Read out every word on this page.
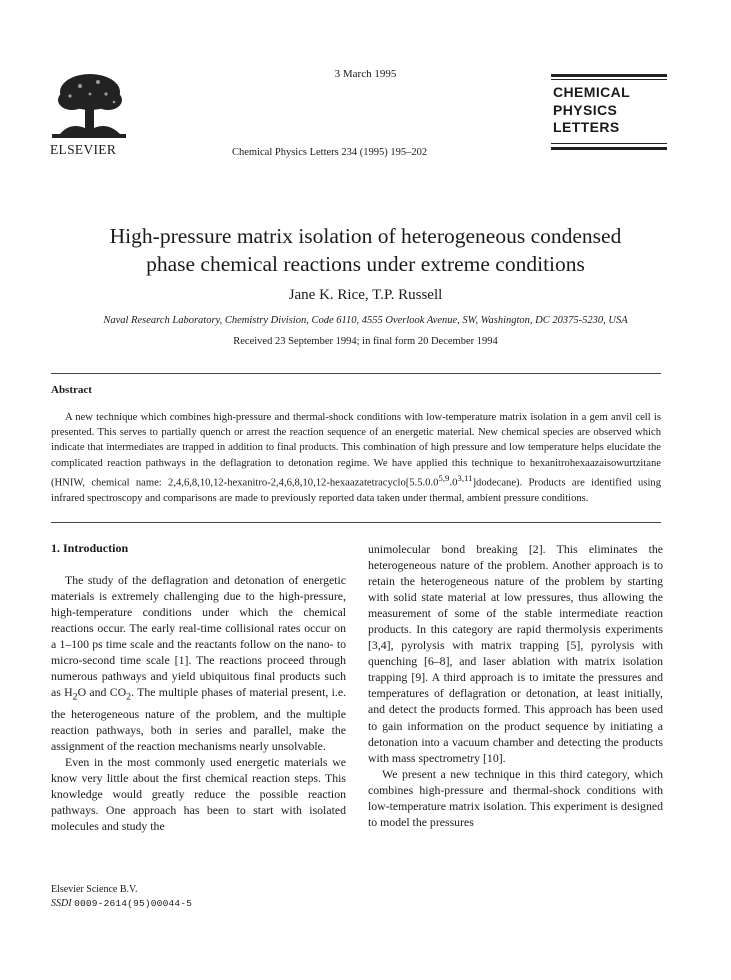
ELSEVIER
3 March 1995
Chemical Physics Letters 234 (1995) 195–202
CHEMICAL
PHYSICS
LETTERS
High-pressure matrix isolation of heterogeneous condensed
phase chemical reactions under extreme conditions
Jane K. Rice, T.P. Russell
Naval Research Laboratory, Chemistry Division, Code 6110, 4555 Overlook Avenue, SW, Washington, DC 20375-5230, USA
Received 23 September 1994; in final form 20 December 1994
Abstract
A new technique which combines high-pressure and thermal-shock conditions with low-temperature matrix isolation in a gem anvil cell is presented. This serves to partially quench or arrest the reaction sequence of an energetic material. New chemical species are observed which indicate that intermediates are trapped in addition to final products. This combination of high pressure and low temperature helps elucidate the complicated reaction pathways in the deflagration to detonation regime. We have applied this technique to hexanitrohexaazaisowurtzitane (HNIW, chemical name: 2,4,6,8,10,12-hexanitro-2,4,6,8,10,12-hexaazatetracyclo[5.5.0.0$^{5,9}$.0$^{3,11}$]dodecane). Products are identified using infrared spectroscopy and comparisons are made to previously reported data taken under thermal, ambient pressure conditions.
1. Introduction

The study of the deflagration and detonation of energetic materials is extremely challenging due to the high-pressure, high-temperature conditions under which the chemical reactions occur. The early real-time collisional rates occur on a 1–100 ps time scale and the reactants follow on the nano- to micro-second time scale [1]. The reactions proceed through numerous pathways and yield ubiquitous final products such as $H_2O$ and $CO_2$. The multiple phases of material present, i.e. the heterogeneous nature of the problem, and the multiple reaction pathways, both in series and parallel, make the assignment of the reaction mechanisms nearly unsolvable.

Even in the most commonly used energetic materials we know very little about the first chemical reaction steps. This knowledge would greatly reduce the possible reaction pathways. One approach has been to start with isolated molecules and study the

unimolecular bond breaking [2]. This eliminates the heterogeneous nature of the problem. Another approach is to retain the heterogeneous nature of the problem by starting with solid state material at low pressures, thus allowing the measurement of some of the stable intermediate reaction products. In this category are rapid thermolysis experiments [3,4], pyrolysis with matrix trapping [5], pyrolysis with quenching [6–8], and laser ablation with matrix isolation trapping [9]. A third approach is to imitate the pressures and temperatures of deflagration or detonation, at least initially, and detect the products formed. This approach has been used to gain information on the product sequence by initiating a detonation into a vacuum chamber and detecting the products with mass spectrometry [10].

We present a new technique in this third category, which combines high-pressure and thermal-shock conditions with low-temperature matrix isolation. This experiment is designed to model the pressures

Elsevier Science B.V.
SSDI 0009-2614(95)00044-5
